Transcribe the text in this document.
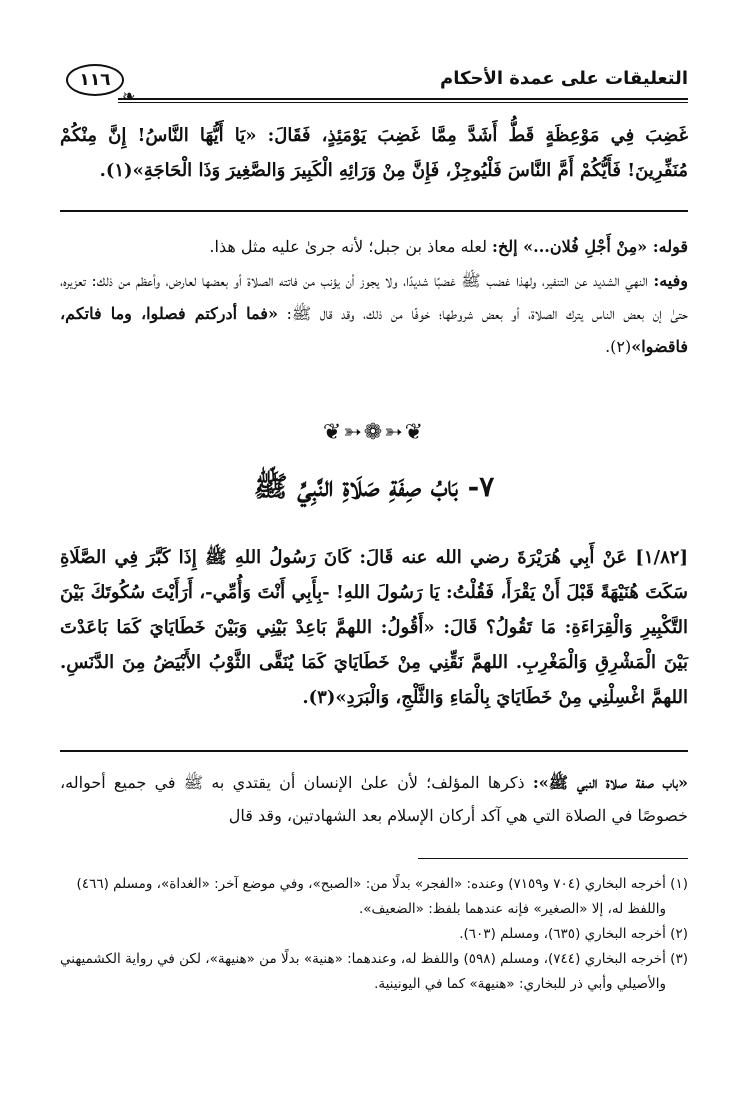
التعليقات على عمدة الأحكام
١١٦
❧
غَضِبَ فِي مَوْعِظَةٍ قَطُّ أَشَدَّ مِمَّا غَضِبَ يَوْمَئِذٍ، فَقَالَ: «يَا أَيُّهَا النَّاسُ! إِنَّ مِنْكُمْ مُنَفِّرِينَ! فَأَيُّكُمْ أَمَّ النَّاسَ فَلْيُوجِزْ، فَإِنَّ مِنْ وَرَائِهِ الْكَبِيرَ وَالصَّغِيرَ وَذَا الْحَاجَةِ»(١).
قوله: «مِنْ أَجْلِ فُلان...» إلخ: لعله معاذ بن جبل؛ لأنه جرىٰ عليه مثل هذا.
وفيه: النهي الشديد عن التنفير، ولهذا غضب ﷺ غضبًا شديدًا، ولا يجوز أن يؤنب من فاتته الصلاة أو بعضها لعارض، وأعظم من ذلك: تعزيره، حتىٰ إن بعض الناس يترك الصلاة، أو بعض شروطها؛ خوفًا من ذلك، وقد قال ﷺ: «فما أدركتم فصلوا، وما فاتكم، فاقضوا»(٢).
❦➳❁➳❦
٧- بَابُ صِفَةِ صَلَاةِ النَّبِيِّ ﷺ
[١/٨٢] عَنْ أَبِي هُرَيْرَةَ رضي الله عنه قَالَ: كَانَ رَسُولُ اللهِ ﷺ إِذَا كَبَّرَ فِي الصَّلَاةِ سَكَتَ هُنَيْهَةً قَبْلَ أَنْ يَقْرَأَ، فَقُلْتُ: يَا رَسُولَ اللهِ! -بِأَبِي أَنْتَ وَأُمِّي-، أَرَأَيْتَ سُكُوتَكَ بَيْنَ التَّكْبِيرِ وَالْقِرَاءَةِ: مَا تَقُولُ؟ قَالَ: «أَقُولُ: اللهمَّ بَاعِدْ بَيْنِي وَبَيْنَ خَطَايَايَ كَمَا بَاعَدْتَ بَيْنَ الْمَشْرِقِ وَالْمَغْرِبِ. اللهمَّ نَقِّنِي مِنْ خَطَايَايَ كَمَا يُنَقَّى الثَّوْبُ الأَبْيَضُ مِنَ الدَّنَسِ. اللهمَّ اغْسِلْنِي مِنْ خَطَايَايَ بِالْمَاءِ وَالثَّلْجِ، وَالْبَرَدِ»(٣).
«باب صفة صلاة النبي ﷺ»: ذكرها المؤلف؛ لأن علىٰ الإنسان أن يقتدي به ﷺ في جميع أحواله، خصوصًا في الصلاة التي هي آكد أركان الإسلام بعد الشهادتين، وقد قال

(١) أخرجه البخاري (٧٠٤ و٧١٥٩) وعنده: «الفجر» بدلًا من: «الصبح»، وفي موضع آخر: «الغداة»، ومسلم (٤٦٦)

واللفظ له، إلا «الصغير» فإنه عندهما بلفظ: «الضعيف».

(٢) أخرجه البخاري (٦٣٥)، ومسلم (٦٠٣).

(٣) أخرجه البخاري (٧٤٤)، ومسلم (٥٩٨) واللفظ له، وعندهما: «هنية» بدلًا من «هنيهة»، لكن في رواية الكشميهني

والأصيلي وأبي ذر للبخاري: «هنيهة» كما في اليونينية.
